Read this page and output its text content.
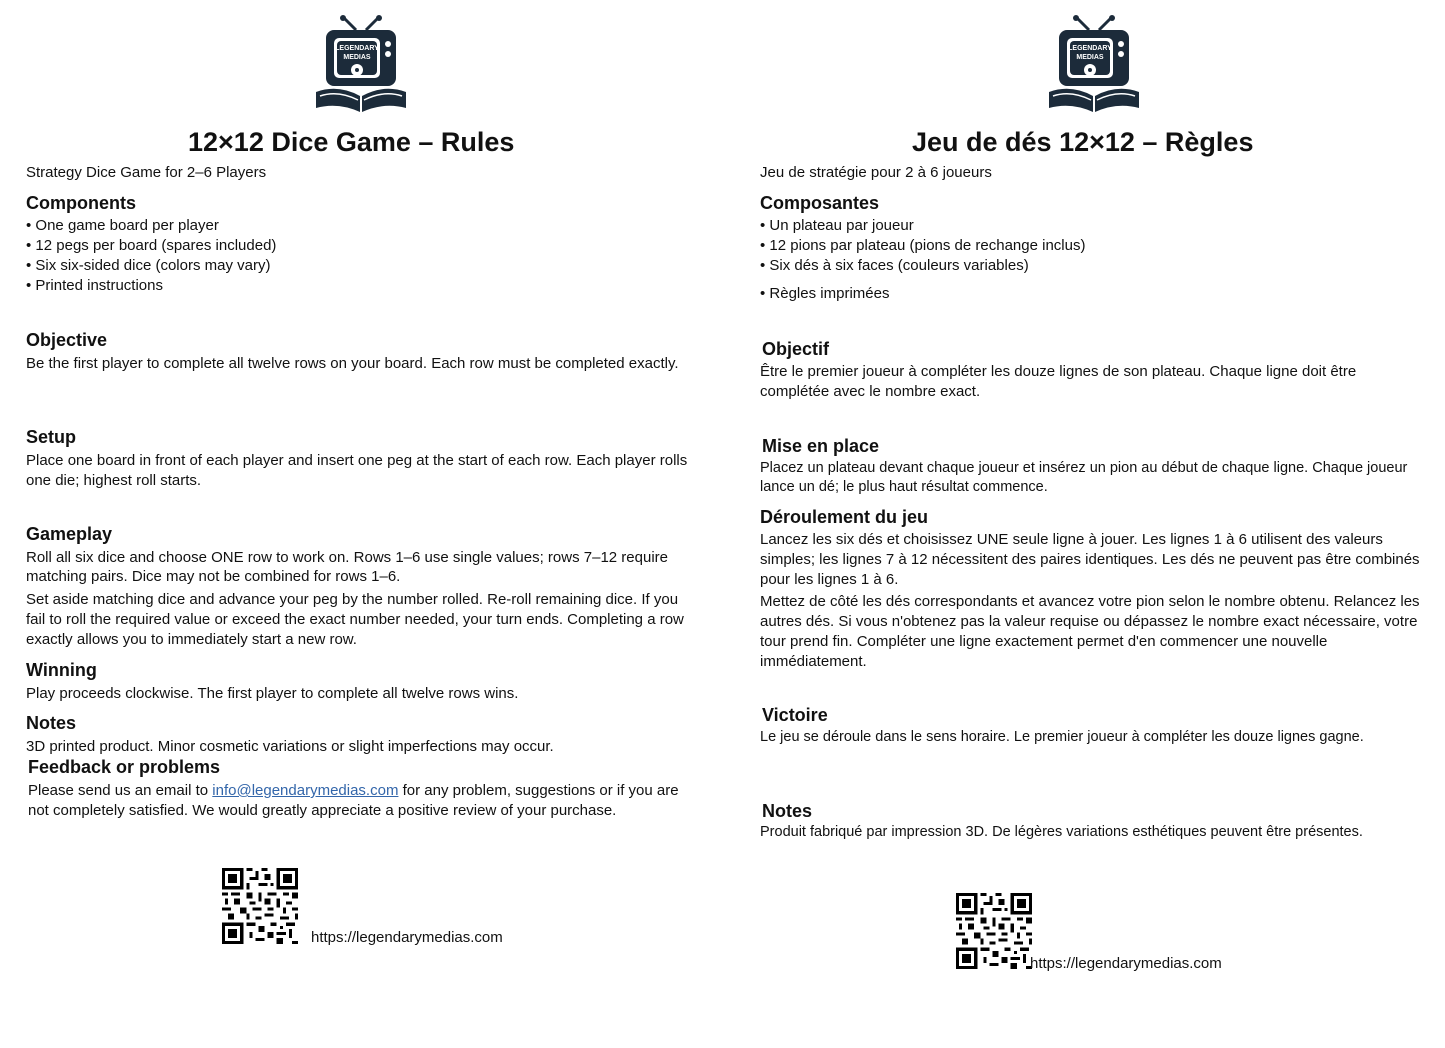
LEGENDARY
MEDIAS
12×12 Dice Game – Rules
Strategy Dice Game for 2–6 Players
Components
• One game board per player
• 12 pegs per board (spares included)
• Six six-sided dice (colors may vary)
• Printed instructions
Objective
Be the first player to complete all twelve rows on your board. Each row must be completed exactly.
Setup
Place one board in front of each player and insert one peg at the start of each row. Each player rolls one die; highest roll starts.
Gameplay
Roll all six dice and choose ONE row to work on. Rows 1–6 use single values; rows 7–12 require matching pairs. Dice may not be combined for rows 1–6.
Set aside matching dice and advance your peg by the number rolled. Re-roll remaining dice. If you fail to roll the required value or exceed the exact number needed, your turn ends. Completing a row exactly allows you to immediately start a new row.
Winning
Play proceeds clockwise. The first player to complete all twelve rows wins.
Notes
3D printed product. Minor cosmetic variations or slight imperfections may occur.
Feedback or problems
Please send us an email to info@legendarymedias.com for any problem, suggestions or if you are not completely satisfied. We would greatly appreciate a positive review of your purchase.
https://legendarymedias.com
LEGENDARY
MEDIAS
Jeu de dés 12×12 – Règles
Jeu de stratégie pour 2 à 6 joueurs
Composantes
• Un plateau par joueur
• 12 pions par plateau (pions de rechange inclus)
• Six dés à six faces (couleurs variables)
• Règles imprimées
Objectif
Être le premier joueur à compléter les douze lignes de son plateau. Chaque ligne doit être complétée avec le nombre exact.
Mise en place
Placez un plateau devant chaque joueur et insérez un pion au début de chaque ligne. Chaque joueur lance un dé; le plus haut résultat commence.
Déroulement du jeu
Lancez les six dés et choisissez UNE seule ligne à jouer. Les lignes 1 à 6 utilisent des valeurs simples; les lignes 7 à 12 nécessitent des paires identiques. Les dés ne peuvent pas être combinés pour les lignes 1 à 6.
Mettez de côté les dés correspondants et avancez votre pion selon le nombre obtenu. Relancez les autres dés. Si vous n'obtenez pas la valeur requise ou dépassez le nombre exact nécessaire, votre tour prend fin. Compléter une ligne exactement permet d'en commencer une nouvelle immédiatement.
Victoire
Le jeu se déroule dans le sens horaire. Le premier joueur à compléter les douze lignes gagne.
Notes
Produit fabriqué par impression 3D. De légères variations esthétiques peuvent être présentes.
https://legendarymedias.com
